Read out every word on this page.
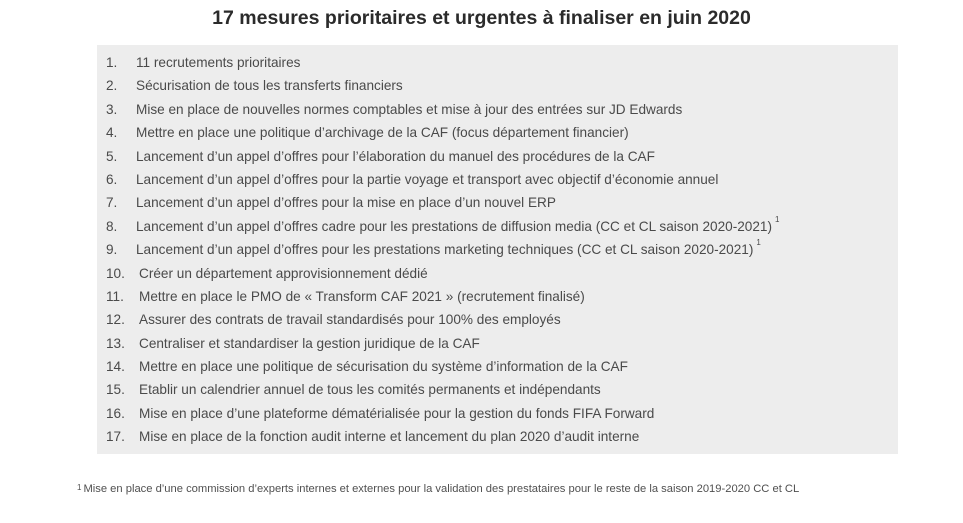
17 mesures prioritaires et urgentes à finaliser en juin 2020
1. 11 recrutements prioritaires
2. Sécurisation de tous les transferts financiers
3. Mise en place de nouvelles normes comptables et mise à jour des entrées sur JD Edwards
4. Mettre en place une politique d’archivage de la CAF (focus département financier)
5. Lancement d’un appel d’offres pour l’élaboration du manuel des procédures de la CAF
6. Lancement d’un appel d’offres pour la partie voyage et transport avec objectif d’économie annuel
7. Lancement d’un appel d’offres pour la mise en place d’un nouvel ERP
8. Lancement d’un appel d’offres cadre pour les prestations de diffusion media (CC et CL saison 2020-2021) $^1$
9. Lancement d’un appel d’offres pour les prestations marketing techniques (CC et CL saison 2020-2021) $^1$
10. Créer un département approvisionnement dédié
11. Mettre en place le PMO de « Transform CAF 2021 » (recrutement finalisé)
12. Assurer des contrats de travail standardisés pour 100% des employés
13. Centraliser et standardiser la gestion juridique de la CAF
14. Mettre en place une politique de sécurisation du système d’information de la CAF
15. Etablir un calendrier annuel de tous les comités permanents et indépendants
16. Mise en place d’une plateforme dématérialisée pour la gestion du fonds FIFA Forward
17. Mise en place de la fonction audit interne et lancement du plan 2020 d’audit interne
$^1$ Mise en place d’une commission d’experts internes et externes pour la validation des prestataires pour le reste de la saison 2019-2020 CC et CL
